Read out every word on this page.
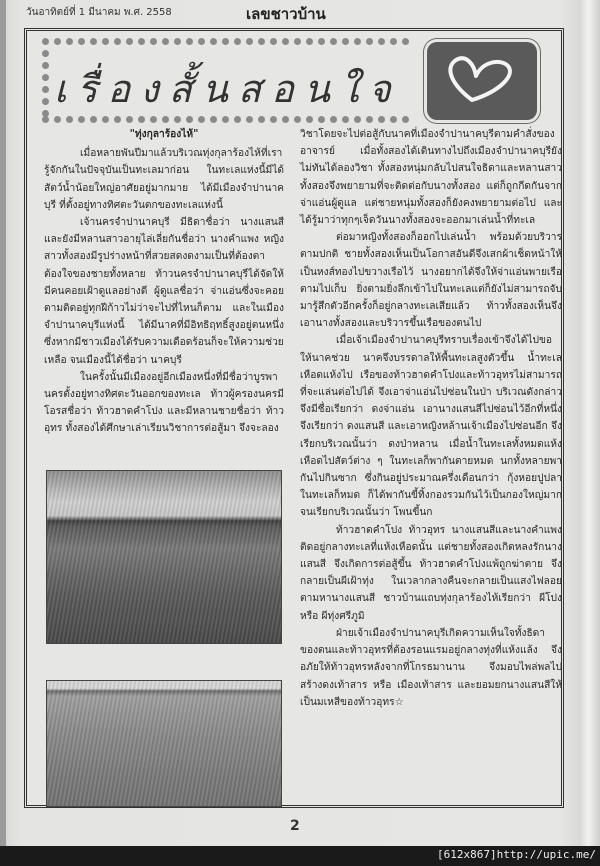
วันอาทิตย์ที่ 1 มีนาคม พ.ศ. 2558	เลขชาวบ้าน
เรื่องสั้นสอนใจ
"ทุ่งกุลาร้องไห้"

เมื่อหลายพันปีมาแล้วบริเวณทุ่งกุลาร้องไห้ที่เรารู้จักกันในปัจจุบันเป็นทะเลมาก่อน ในทะเลแห่งนี้มีได้สัตว์น้ำน้อยใหญ่อาศัยอยู่มากมาย ได้มีเมืองจำปานาคบุรี ที่ตั้งอยู่ทางทิศตะวันตกของทะเลแห่งนี้

เจ้านครจำปานาคบุรี มีธิดาชื่อว่า นางแสนสี และยังมีหลานสาวอายุไล่เลี่ยกันชื่อว่า นางคำแพง หญิงสาวทั้งสองมีรูปร่างหน้าที่สวยสดงดงามเป็นที่ต้องตาต้องใจของชายทั้งหลาย ท้าวนครจำปานาคบุรีได้จัดให้มีคนคอยเฝ้าดูแลอย่างดี ผู้ดูแลชื่อว่า จ่าแอ่นซึ่งจะคอยตามติดอยู่ทุกฝีก้าวไม่ว่าจะไปที่ไหนก็ตาม และในเมืองจำปานาคบุรีแห่งนี้ ได้มีนาคที่มีอิทธิฤทธิ์สูงอยู่ตนหนึ่ง ซึ่งหากมีชาวเมืองได้รับความเดือดร้อนก็จะให้ความช่วยเหลือ จนเมืองนี้ได้ชื่อว่า นาคบุรี

ในครั้งนั้นมีเมืองอยู่อีกเมืองหนึ่งที่มีชื่อว่าบูรพานครตั้งอยู่ทางทิศตะวันออกของทะเล ท้าวผู้ครองนครมีโอรสชื่อว่า ท้าวฮาดคำโปง และมีหลานชายชื่อว่า ท้าวอุทร ทั้งสองได้ศึกษาเล่าเรียนวิชาการต่อสู้มา จึงจะลอง

วิชาโดยจะไปต่อสู้กับนาคที่เมืองจำปานาคบุรีตามคำสั่งของอาจารย์ เมื่อทั้งสองได้เดินทางไปถึงเมืองจำปานาคบุรียังไม่ทันได้ลองวิชา ทั้งสองหนุ่มกลับไปสนใจธิดาและหลานสาว ทั้งสองจึงพยายามที่จะติดต่อกับนางทั้งสอง แต่ก็ถูกกีดกันจากจ่าแอ่นผู้ดูแล แต่ชายหนุ่มทั้งสองก็ยังคงพยายามต่อไป และได้รู้มาว่าทุกๆเจ็ดวันนางทั้งสองจะออกมาเล่นน้ำที่ทะเล

ต่อมาหญิงทั้งสองก็ออกไปเล่นน้ำ พร้อมด้วยบริวารตามปกติ ชายทั้งสองเห็นเป็นโอกาสอันดีจึงเสกผ้าเช็ดหน้าให้เป็นหงส์ทองไปขวางเรือไว้ นางอยากได้จึงให้จ่าแอ่นพายเรือตามไปเก็บ ยิ่งตามยิ่งลึกเข้าไปในทะเลแต่ก็ยังไม่สามารถจับ มารู้สึกตัวอีกครั้งก็อยู่กลางทะเลเสียแล้ว ท้าวทั้งสองเห็นจึงเอานางทั้งสองและบริวารขึ้นเรือของตนไป

เมื่อเจ้าเมืองจำปานาคบุรีทราบเรื่องเข้าจึงได้ไปขอให้นาคช่วย นาคจึงบรรดาลให้พื้นทะเลสูงตัวขึ้น น้ำทะเลเหือดแห้งไป เรือของท้าวฮาดคำโปงและท้าวอุทรไม่สามารถที่จะแล่นต่อไปได้ จึงเอาจ่าแอ่นไปซ่อนในป่า บริเวณดังกล่าวจึงมีชื่อเรียกว่า ดงจ่าแอ่น เอานางแสนสีไปซ่อนไว้อีกที่หนึ่ง จึงเรียกว่า ดงแสนสี และเอาหญิงหล้านเจ้าเมืองไปซ่อนอีก จึงเรียกบริเวณนั้นว่า ดงป่าหลาน เมื่อน้ำในทะเลทั้งหมดแห้งเหือดไปสัตว์ต่าง ๆ ในทะเลก็พากันตายหมด นกทั้งหลายพากันไปกินซาก ซึ่งกินอยู่ประมาณครึ่งเดือนกว่า กุ้งหอยปูปลาในทะเลก็หมด ก็ได้พากันขี้ทิ้งกองรวมกันไว้เป็นกองใหญ่มาก จนเรียกบริเวณนั้นว่า โพนขี้นก

ท้าวฮาดคำโปง ท้าวอุทร นางแสนสีและนางคำแพง ติดอยู่กลางทะเลที่แห้งเหือดนั้น แต่ชายทั้งสองเกิดหลงรักนางแสนสี จึงเกิดการต่อสู้ขึ้น ท้าวฮาดคำโปงแพ้ถูกฆ่าตาย จึงกลายเป็นผีเฝ้าทุ่ง ในเวลากลางคืนจะกลายเป็นแสงไฟลอยตามหานางแสนสี ชาวบ้านแถบทุ่งกุลาร้องไห้เรียกว่า ผีโปง หรือ ผีทุ่งศรีภูมิ

ฝ่ายเจ้าเมืองจำปานาคบุรีเกิดความเห็นใจทั้งธิดาของตนและท้าวอุทรที่ต้องรอนแรมอยู่กลางทุ่งที่แห้งแล้ง จึงอภัยให้ท้าวอุทรหลังจากที่โกรธมานาน จึงมอบไพล่พลไปสร้างดงเท้าสาร หรือ เมืองเท้าสาร และยอมยกนางแสนสีให้เป็นมเหสีของท้าวอุทร☆

2
[612x867]http://upic.me/
